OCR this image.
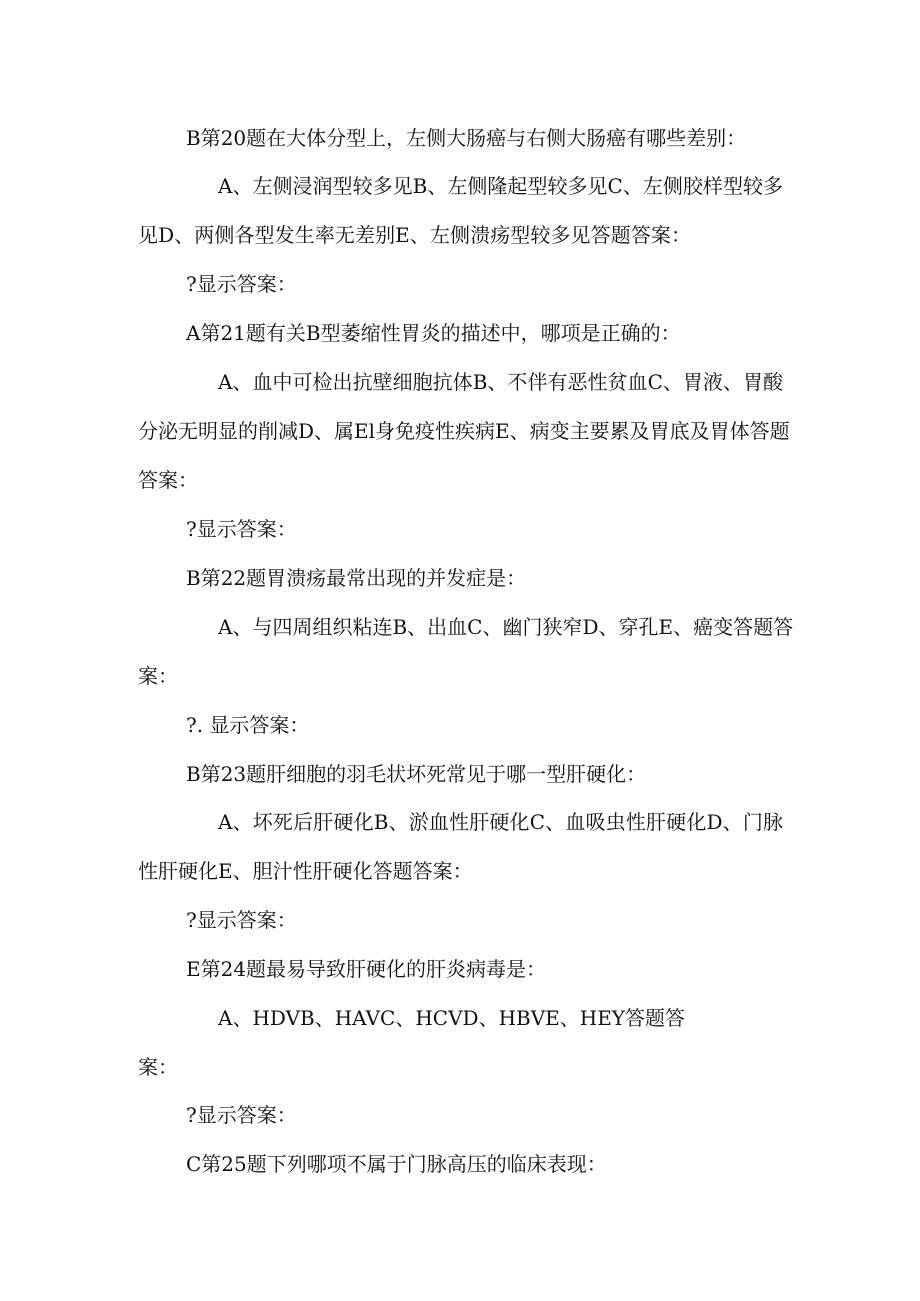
B第20题在大体分型上，左侧大肠癌与右侧大肠癌有哪些差别：
A、左侧浸润型较多见B、左侧隆起型较多见C、左侧胶样型较多
见D、两侧各型发生率无差别E、左侧溃疡型较多见答题答案：
?显示答案：
A第21题有关B型萎缩性胃炎的描述中，哪项是正确的：
A、血中可检出抗壁细胞抗体B、不伴有恶性贫血C、胃液、胃酸
分泌无明显的削减D、属El身免疫性疾病E、病变主要累及胃底及胃体答题
答案：
?显示答案：
B第22题胃溃疡最常出现的并发症是：
A、与四周组织粘连B、出血C、幽门狭窄D、穿孔E、癌变答题答
案：
?. 显示答案：
B第23题肝细胞的羽毛状坏死常见于哪一型肝硬化：
A、坏死后肝硬化B、淤血性肝硬化C、血吸虫性肝硬化D、门脉
性肝硬化E、胆汁性肝硬化答题答案：
?显示答案：
E第24题最易导致肝硬化的肝炎病毒是：
A、HDVB、HAVC、HCVD、HBVE、HEY答题答
案：
?显示答案：
C第25题下列哪项不属于门脉高压的临床表现：
